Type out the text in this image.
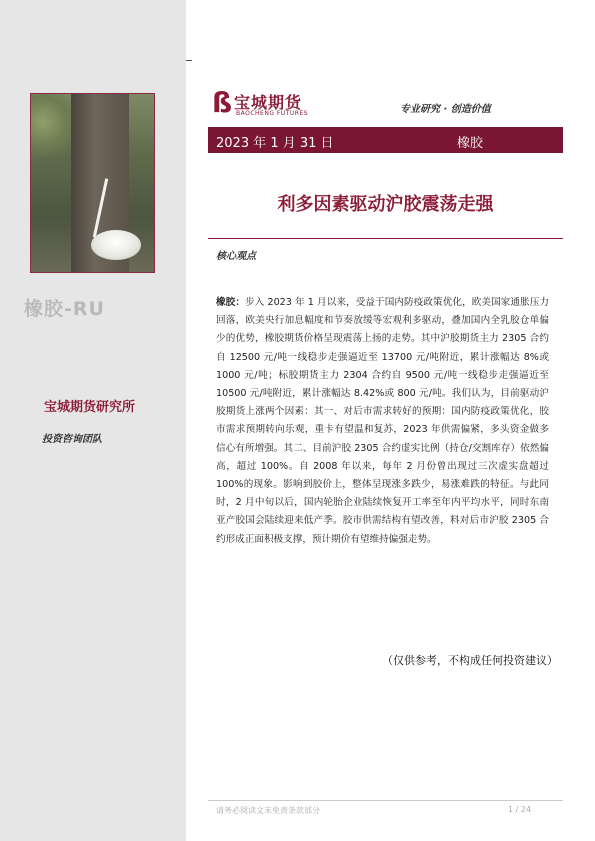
橡胶-RU
宝城期货研究所
投资咨询团队
ß 宝城期货
BAOCHENG FUTURES	专业研究 · 创造价值
2023 年 1 月 31 日	橡胶
利多因素驱动沪胶震荡走强
核心观点
橡胶：步入 2023 年 1 月以来，受益于国内防疫政策优化，欧美国家通胀压力回落，欧美央行加息幅度和节奏放缓等宏观利多驱动，叠加国内全乳胶仓单偏少的优势，橡胶期货价格呈现震荡上扬的走势。其中沪胶期货主力 2305 合约自 12500 元/吨一线稳步走强逼近至 13700 元/吨附近，累计涨幅达 8%或 1000 元/吨；标胶期货主力 2304 合约自 9500 元/吨一线稳步走强逼近至 10500 元/吨附近，累计涨幅达 8.42%或 800 元/吨。我们认为，目前驱动沪胶期货上涨两个因素：其一、对后市需求转好的预期：国内防疫政策优化，胶市需求预期转向乐观，重卡有望温和复苏，2023 年供需偏紧，多头资金做多信心有所增强。其二、目前沪胶 2305 合约虚实比例（持仓/交割库存）依然偏高，超过 100%。自 2008 年以来，每年 2 月份曾出现过三次虚实盘超过 100%的现象。影响到胶价上，整体呈现涨多跌少，易涨难跌的特征。与此同时，2 月中旬以后，国内轮胎企业陆续恢复开工率至年内平均水平，同时东南亚产胶国会陆续迎来低产季。胶市供需结构有望改善，料对后市沪胶 2305 合约形成正面积极支撑，预计期价有望维持偏强走势。
（仅供参考，不构成任何投资建议）
请务必阅读文末免责条款部分	1 / 24
